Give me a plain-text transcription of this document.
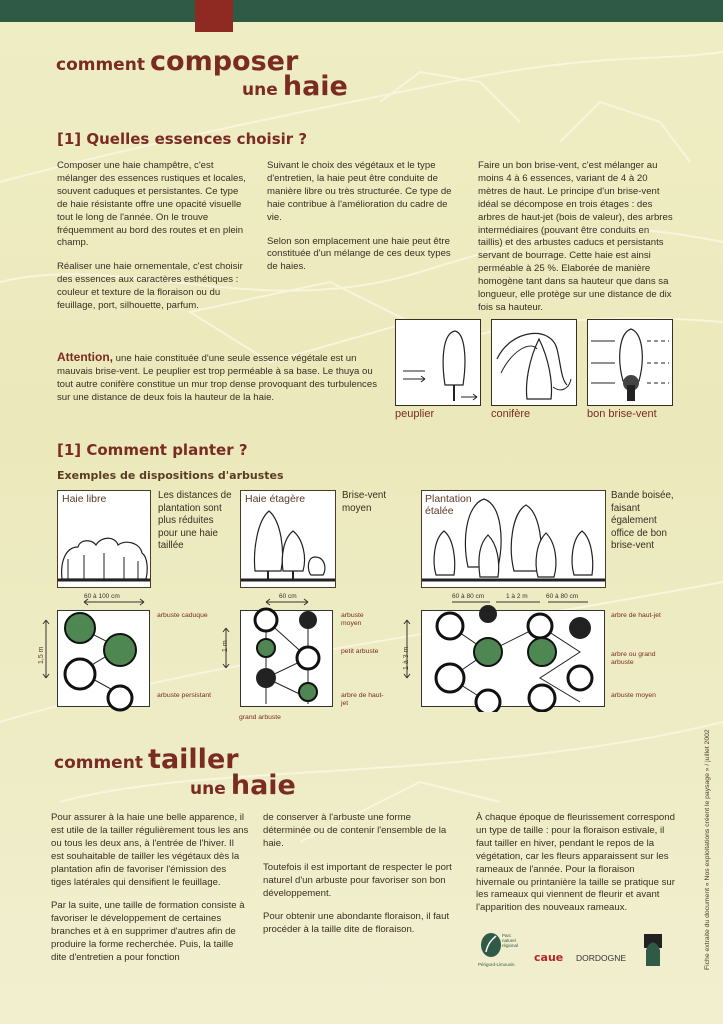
comment composer
une haie
[1] Quelles essences choisir ?

Composer une haie champêtre, c'est mélanger des essences rustiques et locales, souvent caduques et persistantes. Ce type de haie résistante offre une opacité visuelle tout le long de l'année. On le trouve fréquemment au bord des routes et en plein champ.

Réaliser une haie ornementale, c'est choisir des essences aux caractères esthétiques : couleur et texture de la floraison ou du feuillage, port, silhouette, parfum.

Suivant le choix des végétaux et le type d'entretien, la haie peut être conduite de manière libre ou très structurée. Ce type de haie contribue à l'amélioration du cadre de vie.

Selon son emplacement une haie peut être constituée d'un mélange de ces deux types de haies.

Faire un bon brise-vent, c'est mélanger au moins 4 à 6 essences, variant de 4 à 20 mètres de haut. Le principe d'un brise-vent idéal se décompose en trois étages : des arbres de haut-jet (bois de valeur), des arbres intermédiaires (pouvant être conduits en taillis) et des arbustes caducs et persistants servant de bourrage. Cette haie est ainsi perméable à 25 %. Elaborée de manière homogène tant dans sa hauteur que dans sa longueur, elle protège sur une distance de dix fois sa hauteur.

Attention, une haie constituée d'une seule essence végétale est un mauvais brise-vent. Le peuplier est trop perméable à sa base. Le thuya ou tout autre conifère constitue un mur trop dense provoquant des turbulences sur une distance de deux fois la hauteur de la haie.
peuplier	conifère	bon brise-vent
[1] Comment planter ?
Exemples de dispositions d'arbustes
Haie libre	Les distances de plantation sont plus réduites pour une haie taillée
60 à 100 cm
Haie étagère	Brise-vent moyen
60 cm
Plantation étalée
Bande boisée, faisant également office de bon brise-vent
60 à 80 cm	1 à 2 m	60 à 80 cm
1,5 m
1 m
1 à 3 m
arbuste caduque
arbuste persistant
arbuste moyen
petit arbuste
arbre de haut-jet
grand arbuste
arbre de haut-jet
arbre ou grand arbuste
arbuste moyen
comment tailler
une haie

Pour assurer à la haie une belle apparence, il est utile de la tailler régulièrement tous les ans ou tous les deux ans, à l'entrée de l'hiver. Il est souhaitable de tailler les végétaux dès la plantation afin de favoriser l'émission des tiges latérales qui densifient le feuillage.

Par la suite, une taille de formation consiste à favoriser le développement de certaines branches et à en supprimer d'autres afin de produire la forme recherchée. Puis, la taille dite d'entretien a pour fonction

de conserver à l'arbuste une forme déterminée ou de contenir l'ensemble de la haie.

Toutefois il est important de respecter le port naturel d'un arbuste pour favoriser son bon développement.

Pour obtenir une abondante floraison, il faut procéder à la taille dite de floraison.

À chaque époque de fleurissement correspond un type de taille : pour la floraison estivale, il faut tailler en hiver, pendant le repos de la végétation, car les fleurs apparaissent sur les rameaux de l'année. Pour la floraison hivernale ou printanière la taille se pratique sur les rameaux qui viennent de fleurir et avant l'apparition des nouveaux rameaux.

Parc
naturel
régional
Périgord-Limousin
caue DORDOGNE	Fiche extraite du document « Nos exploitations créent le paysage » / juillet 2002
